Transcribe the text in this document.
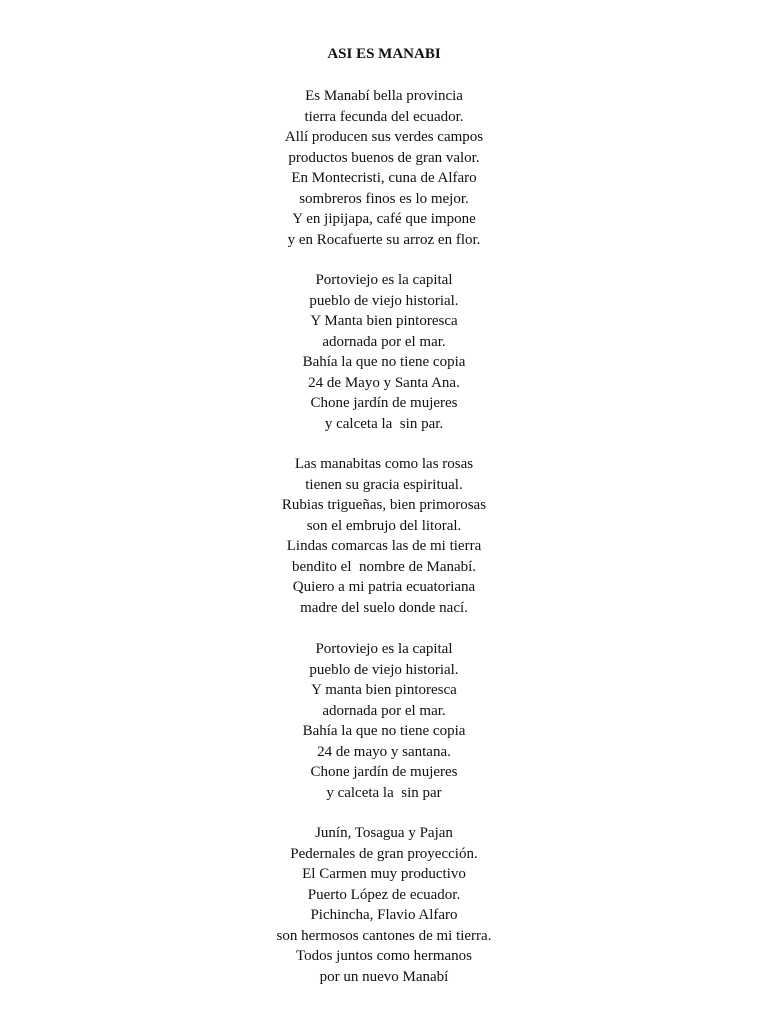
ASI ES MANABI
Es Manabí bella provincia
tierra fecunda del ecuador.
Allí producen sus verdes campos
productos buenos de gran valor.
En Montecristi, cuna de Alfaro
sombreros finos es lo mejor.
Y en jipijapa, café que impone
y en Rocafuerte su arroz en flor.
Portoviejo es la capital
pueblo de viejo historial.
Y Manta bien pintoresca
adornada por el mar.
Bahía la que no tiene copia
24 de Mayo y Santa Ana.
Chone jardín de mujeres
y calceta la  sin par.
Las manabitas como las rosas
tienen su gracia espiritual.
Rubias trigueñas, bien primorosas
son el embrujo del litoral.
Lindas comarcas las de mi tierra
bendito el  nombre de Manabí.
Quiero a mi patria ecuatoriana
madre del suelo donde nací.
Portoviejo es la capital
pueblo de viejo historial.
Y manta bien pintoresca
adornada por el mar.
Bahía la que no tiene copia
24 de mayo y santana.
Chone jardín de mujeres
y calceta la  sin par
Junín, Tosagua y Pajan
Pedernales de gran proyección.
El Carmen muy productivo
Puerto López de ecuador.
Pichincha, Flavio Alfaro
son hermosos cantones de mi tierra.
Todos juntos como hermanos
por un nuevo Manabí
